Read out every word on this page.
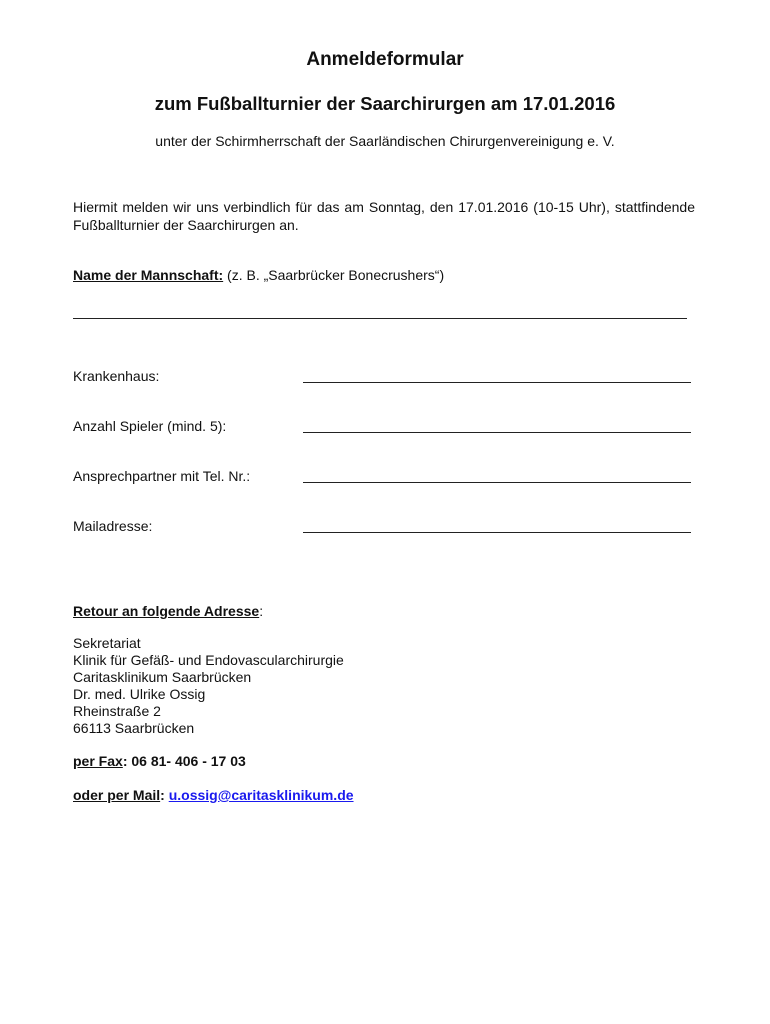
Anmeldeformular
zum Fußballturnier der Saarchirurgen am 17.01.2016
unter der Schirmherrschaft der Saarländischen Chirurgenvereinigung e. V.
Hiermit melden wir uns verbindlich für das am Sonntag, den 17.01.2016 (10-15 Uhr), stattfindende Fußballturnier der Saarchirurgen an.
Name der Mannschaft: (z. B. „Saarbrücker Bonecrushers“)
Krankenhaus:
Anzahl Spieler (mind. 5):
Ansprechpartner mit Tel. Nr.:
Mailadresse:
Retour an folgende Adresse:
Sekretariat
Klinik für Gefäß- und Endovascularchirurgie
Caritasklinikum Saarbrücken
Dr. med. Ulrike Ossig
Rheinstraße 2
66113 Saarbrücken
per Fax: 06 81- 406 - 17 03
oder per Mail: u.ossig@caritasklinikum.de
